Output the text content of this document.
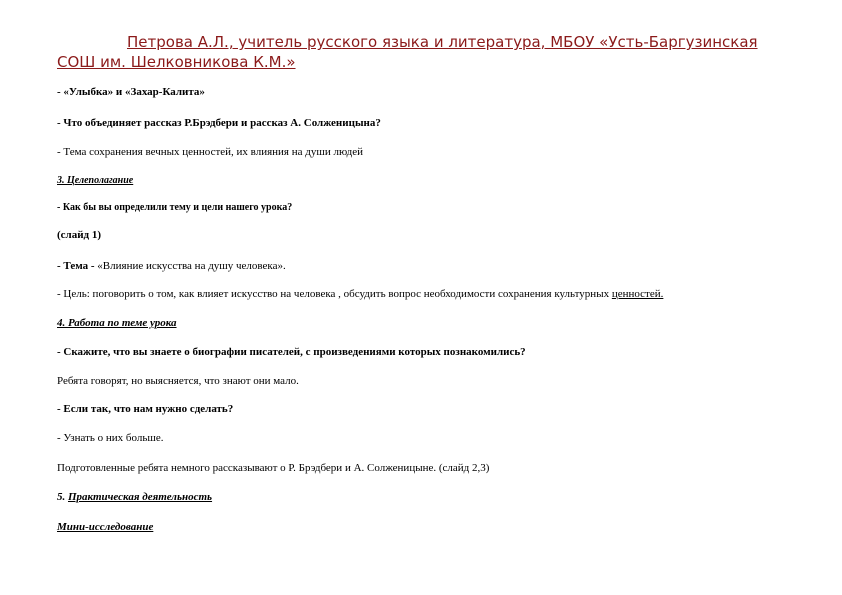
Петрова А.Л., учитель русского языка и литература, МБОУ «Усть-Баргузинская
СОШ им. Шелковникова К.М.»
- «Улыбка» и «Захар-Калита»
- Что объединяет рассказ Р.Брэдбери и рассказ А. Солженицына?
- Тема сохранения вечных ценностей, их влияния на души людей
3. Целеполагание
- Как бы вы определили тему и цели нашего урока?
(слайд 1)
- Тема - «Влияние искусства на душу человека».
- Цель: поговорить о том, как влияет искусство на человека , обсудить вопрос необходимости сохранения культурных ценностей.
4. Работа по теме урока
- Скажите, что вы знаете о биографии писателей, с произведениями которых познакомились?
Ребята говорят, но выясняется, что знают они мало.
- Если так, что нам нужно сделать?
- Узнать о них больше.
Подготовленные ребята немного рассказывают о Р. Брэдбери и А. Солженицыне. (слайд 2,3)
5. Практическая деятельность
Мини-исследование
